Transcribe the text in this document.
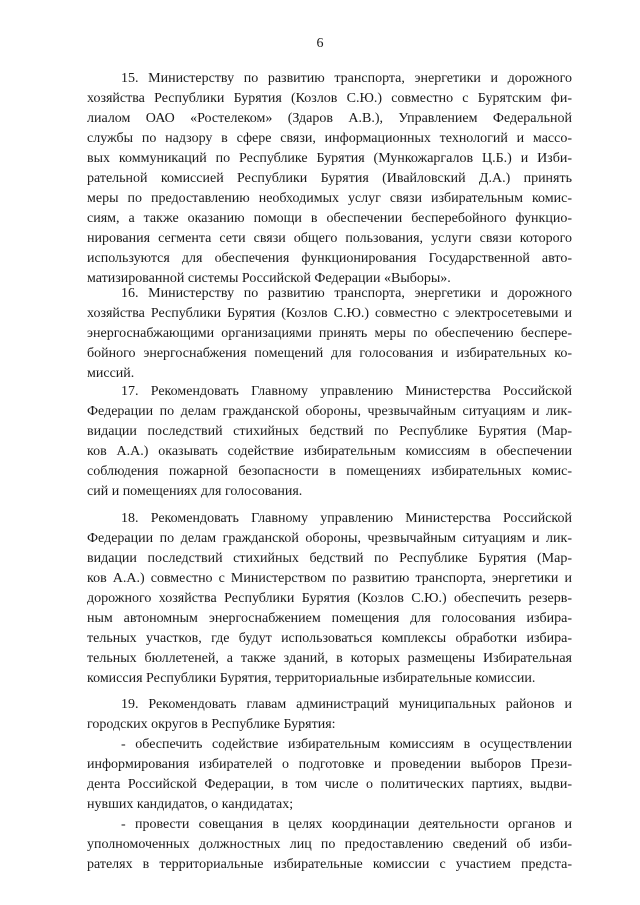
6
15. Министерству по развитию транспорта, энергетики и дорожного
хозяйства Республики Бурятия (Козлов С.Ю.) совместно с Бурятским фи-
лиалом ОАО «Ростелеком» (Здаров А.В.), Управлением Федеральной
службы по надзору в сфере связи, информационных технологий и массо-
вых коммуникаций по Республике Бурятия (Мункожаргалов Ц.Б.) и Изби-
рательной комиссией Республики Бурятия (Ивайловский Д.А.) принять
меры по предоставлению необходимых услуг связи избирательным комис-
сиям, а также оказанию помощи в обеспечении бесперебойного функцио-
нирования сегмента сети связи общего пользования, услуги связи которого
используются для обеспечения функционирования Государственной авто-
матизированной системы Российской Федерации «Выборы».
16. Министерству по развитию транспорта, энергетики и дорожного
хозяйства Республики Бурятия (Козлов С.Ю.) совместно с электросетевыми и
энергоснабжающими организациями принять меры по обеспечению беспере-
бойного энергоснабжения помещений для голосования и избирательных ко-
миссий.
17. Рекомендовать Главному управлению Министерства Российской
Федерации по делам гражданской обороны, чрезвычайным ситуациям и лик-
видации последствий стихийных бедствий по Республике Бурятия (Мар-
ков А.А.) оказывать содействие избирательным комиссиям в обеспечении
соблюдения пожарной безопасности в помещениях избирательных комис-
сий и помещениях для голосования.
18. Рекомендовать Главному управлению Министерства Российской
Федерации по делам гражданской обороны, чрезвычайным ситуациям и лик-
видации последствий стихийных бедствий по Республике Бурятия (Мар-
ков А.А.) совместно с Министерством по развитию транспорта, энергетики и
дорожного хозяйства Республики Бурятия (Козлов С.Ю.) обеспечить резерв-
ным автономным энергоснабжением помещения для голосования избира-
тельных участков, где будут использоваться комплексы обработки избира-
тельных бюллетеней, а также зданий, в которых размещены Избирательная
комиссия Республики Бурятия, территориальные избирательные комиссии.
19. Рекомендовать главам администраций муниципальных районов и
городских округов в Республике Бурятия:
- обеспечить содействие избирательным комиссиям в осуществлении
информирования избирателей о подготовке и проведении выборов Прези-
дента Российской Федерации, в том числе о политических партиях, выдви-
нувших кандидатов, о кандидатах;
- провести совещания в целях координации деятельности органов и
уполномоченных должностных лиц по предоставлению сведений об изби-
рателях в территориальные избирательные комиссии с участием предста-
